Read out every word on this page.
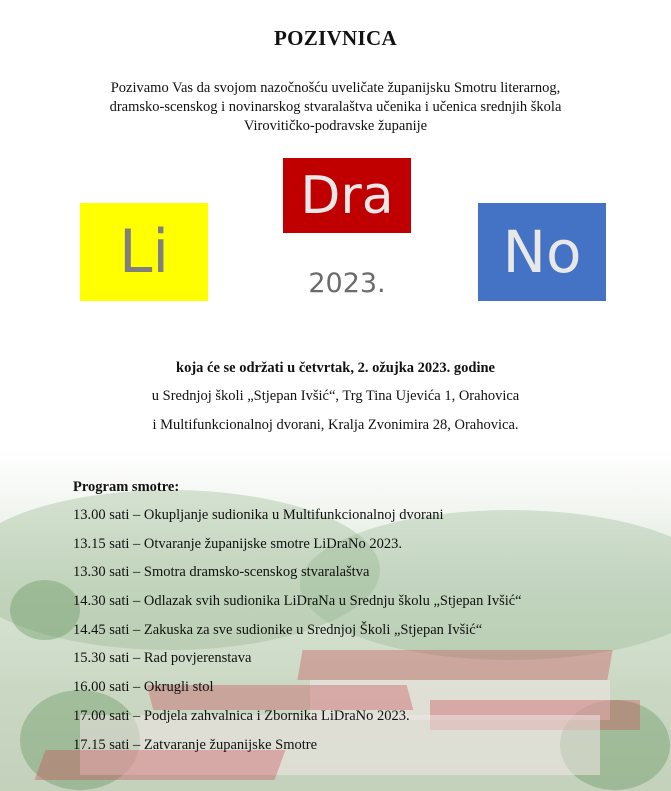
POZIVNICA
Pozivamo Vas da svojom nazočnošću uveličate županijsku Smotru literarnog,
dramsko-scenskog i novinarskog stvaralaštva učenika i učenica srednjih škola
Virovitičko-podravske županije
Li
Dra
2023.	No
koja će se održati u četvrtak, 2. ožujka 2023. godine
u Srednjoj školi „Stjepan Ivšić“, Trg Tina Ujevića 1, Orahovica
i Multifunkcionalnoj dvorani, Kralja Zvonimira 28, Orahovica.
Program smotre:
13.00 sati – Okupljanje sudionika u Multifunkcionalnoj dvorani
13.15 sati – Otvaranje županijske smotre LiDraNo 2023.
13.30 sati – Smotra dramsko-scenskog stvaralaštva
14.30 sati – Odlazak svih sudionika LiDraNa u Srednju školu „Stjepan Ivšić“
14.45 sati – Zakuska za sve sudionike u Srednjoj Školi „Stjepan Ivšić“
15.30 sati – Rad povjerenstava
16.00 sati – Okrugli stol
17.00 sati – Podjela zahvalnica i Zbornika LiDraNo 2023.
17.15 sati – Zatvaranje županijske Smotre
